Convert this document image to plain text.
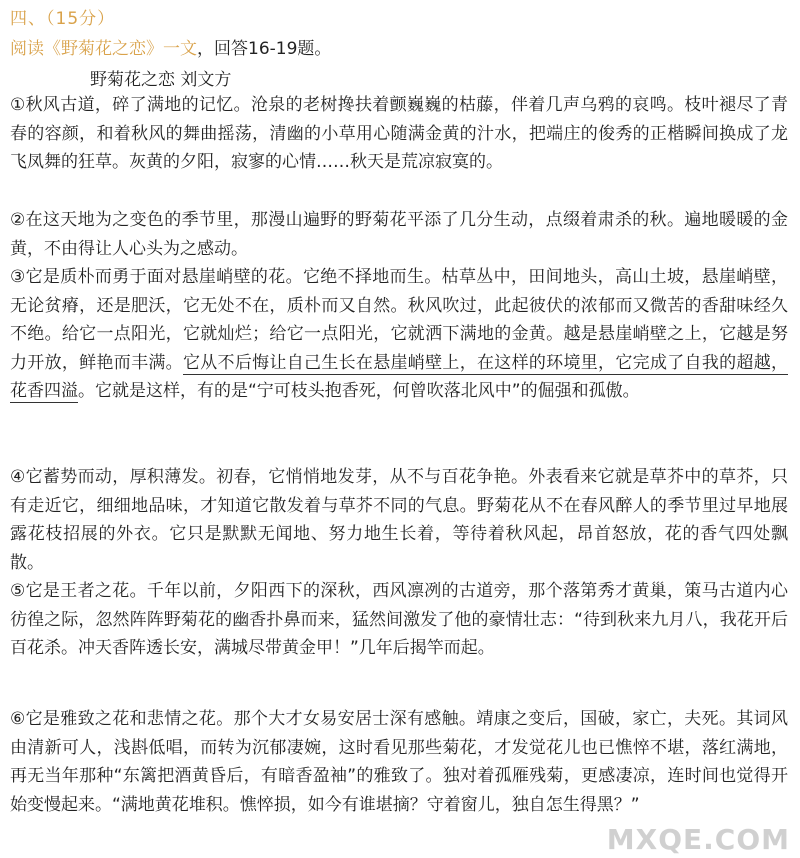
四、（15分）
阅读《野菊花之恋》一文，回答16-19题。
野菊花之恋 刘文方
①秋风古道，碎了满地的记忆。沧泉的老树搀扶着颤巍巍的枯藤，伴着几声乌鸦的哀鸣。枝叶褪尽了青春的容颜，和着秋风的舞曲摇荡，清幽的小草用心随满金黄的汁水，把端庄的俊秀的正楷瞬间换成了龙飞凤舞的狂草。灰黄的夕阳，寂寥的心情……秋天是荒凉寂寞的。
②在这天地为之变色的季节里，那漫山遍野的野菊花平添了几分生动，点缀着肃杀的秋。遍地暖暖的金黄，不由得让人心头为之感动。
③它是质朴而勇于面对悬崖峭壁的花。它绝不择地而生。枯草丛中，田间地头，高山土坡，悬崖峭壁，无论贫瘠，还是肥沃，它无处不在，质朴而又自然。秋风吹过，此起彼伏的浓郁而又微苦的香甜味经久不绝。给它一点阳光，它就灿烂；给它一点阳光，它就洒下满地的金黄。越是悬崖峭壁之上，它越是努力开放，鲜艳而丰满。它从不后悔让自己生长在悬崖峭壁上，在这样的环境里，它完成了自我的超越，花香四溢。它就是这样，有的是“宁可枝头抱香死，何曾吹落北风中”的倔强和孤傲。
④它蓄势而动，厚积薄发。初春，它悄悄地发芽，从不与百花争艳。外表看来它就是草芥中的草芥，只有走近它，细细地品味，才知道它散发着与草芥不同的气息。野菊花从不在春风醉人的季节里过早地展露花枝招展的外衣。它只是默默无闻地、努力地生长着，等待着秋风起，昂首怒放，花的香气四处飘散。
⑤它是王者之花。千年以前，夕阳西下的深秋，西风凛冽的古道旁，那个落第秀才黄巢，策马古道内心彷徨之际，忽然阵阵野菊花的幽香扑鼻而来，猛然间激发了他的豪情壮志：“待到秋来九月八，我花开后百花杀。冲天香阵透长安，满城尽带黄金甲！”几年后揭竿而起。
⑥它是雅致之花和悲情之花。那个大才女易安居士深有感触。靖康之变后，国破，家亡，夫死。其词风由清新可人，浅斟低唱，而转为沉郁凄婉，这时看见那些菊花，才发觉花儿也已憔悴不堪，落红满地，再无当年那种“东篱把酒黄昏后，有暗香盈袖”的雅致了。独对着孤雁残菊，更感凄凉，连时间也觉得开始变慢起来。“满地黄花堆积。憔悴损，如今有谁堪摘？守着窗儿，独自怎生得黑？”
MXQE.COM
